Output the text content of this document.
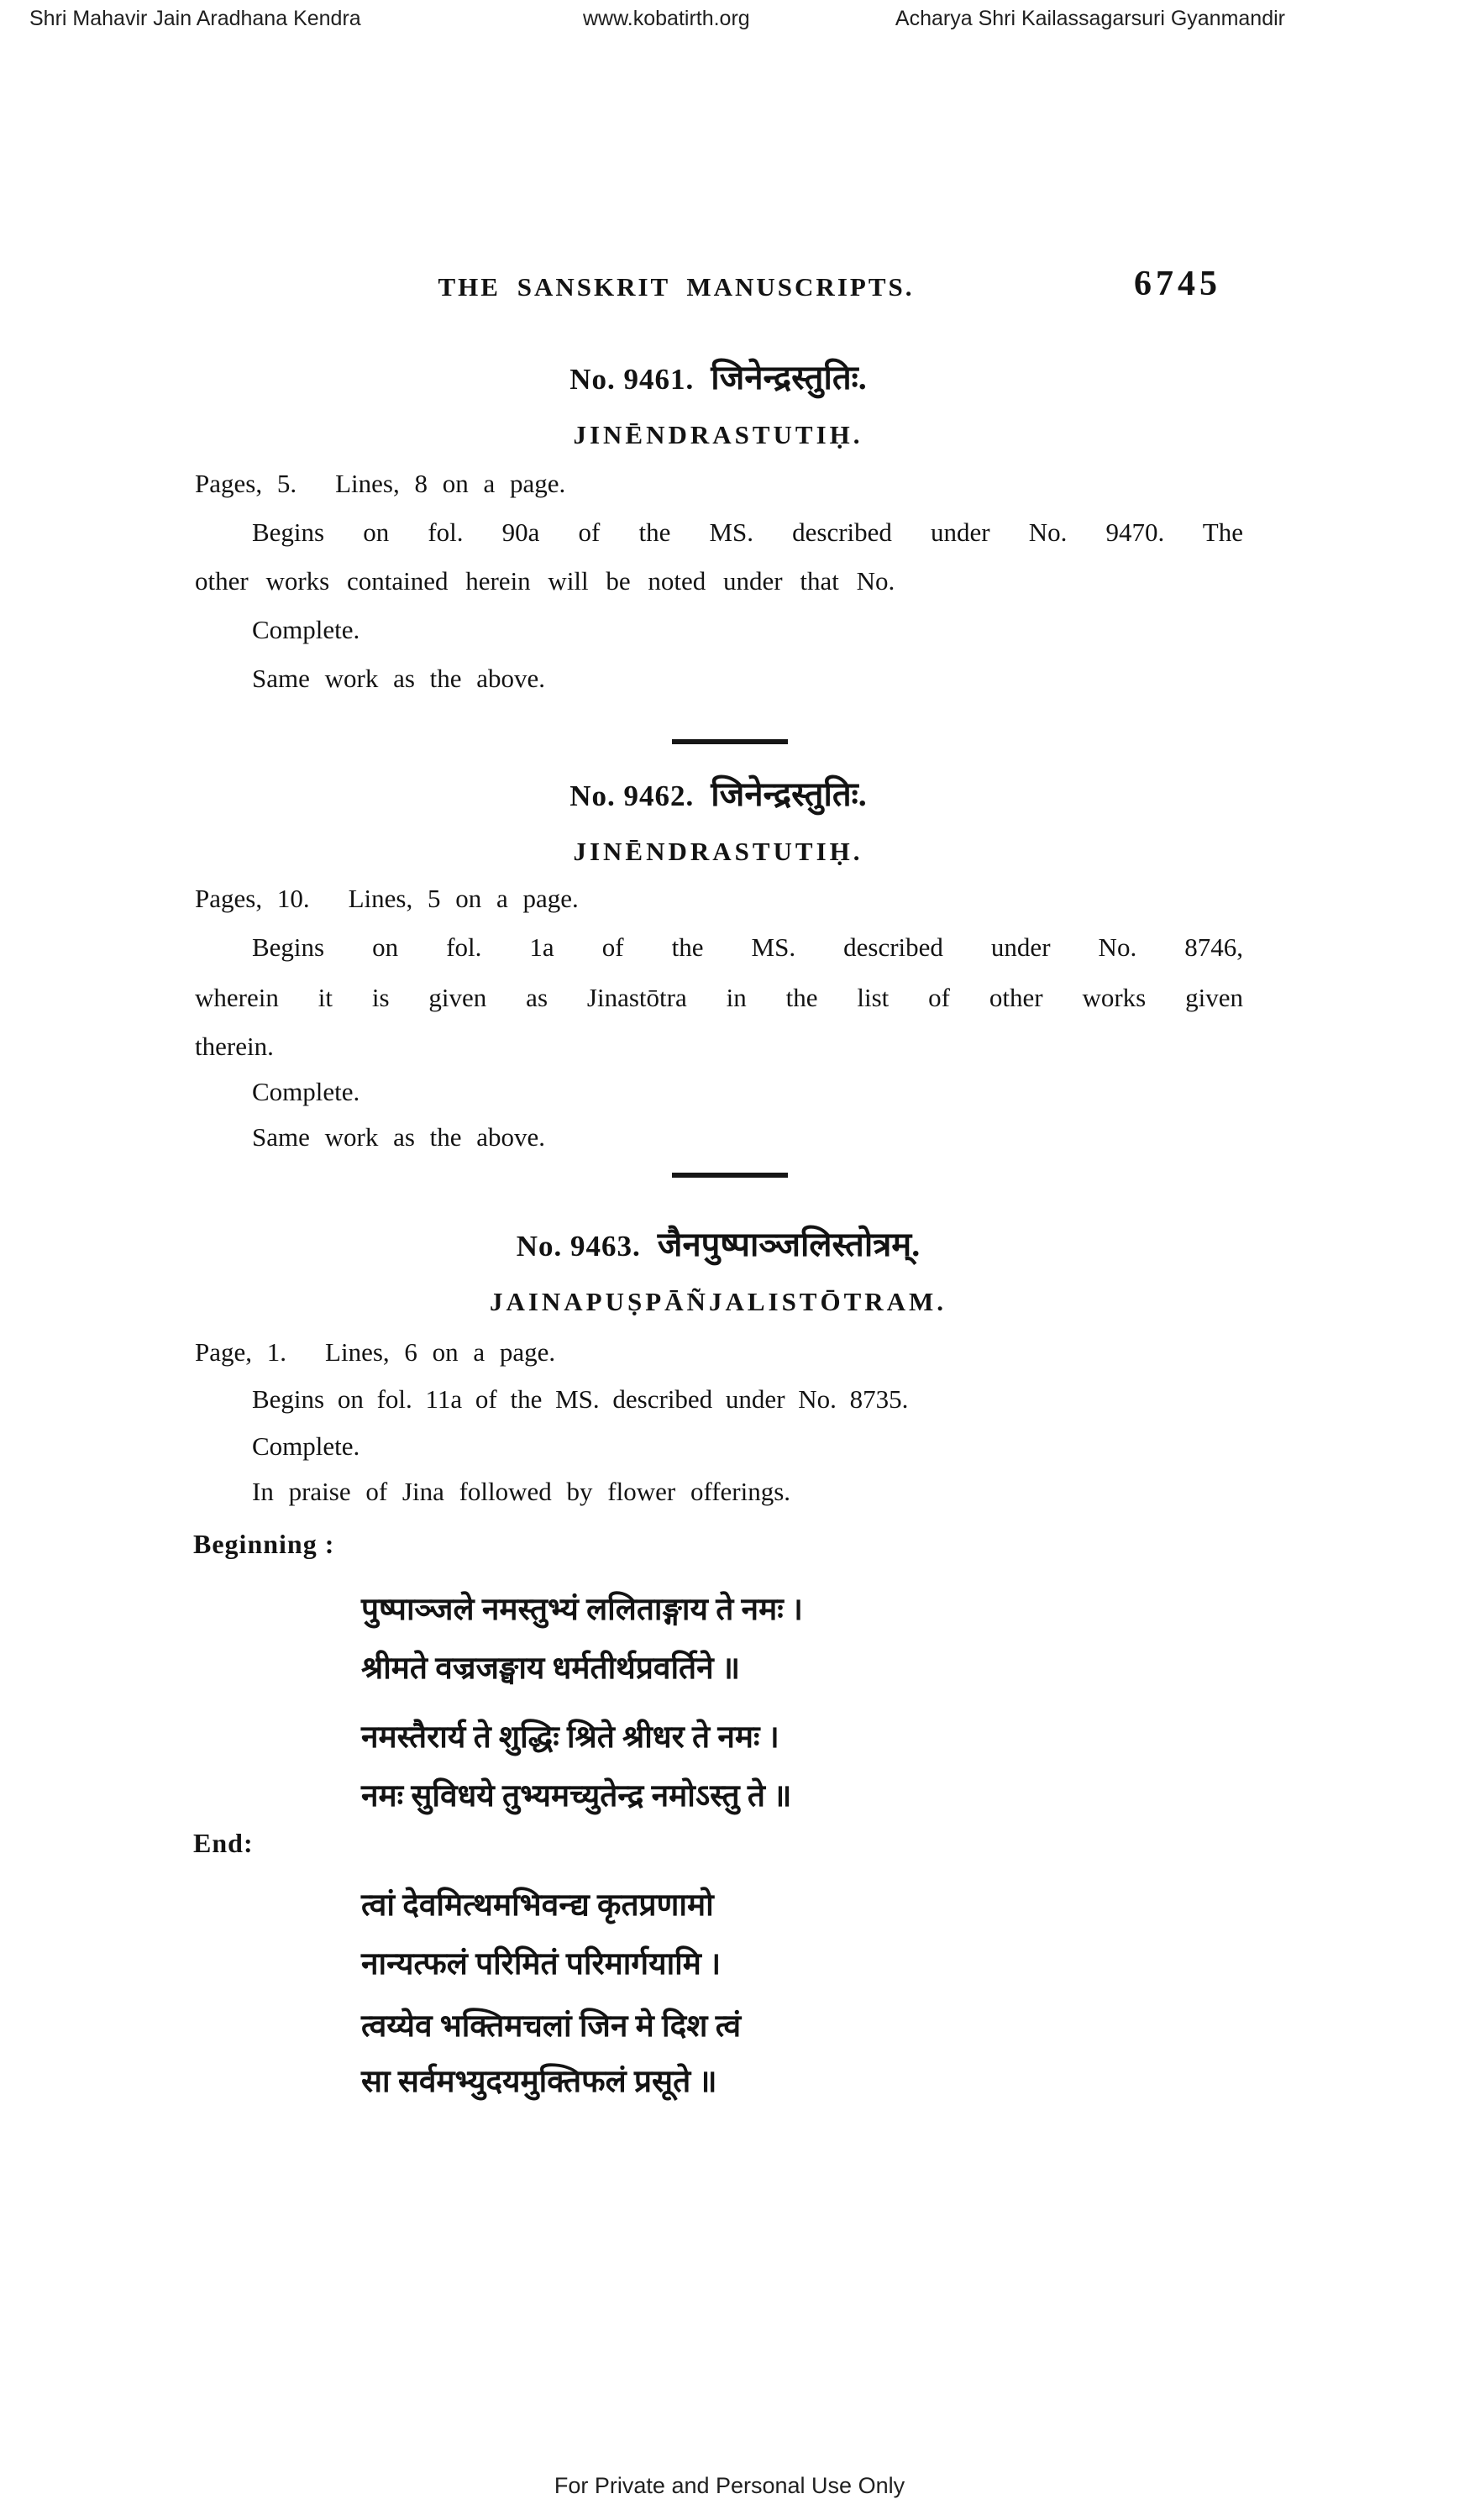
Shri Mahavir Jain Aradhana Kendra	www.kobatirth.org	Acharya Shri Kailassagarsuri Gyanmandir
THE SANSKRIT MANUSCRIPTS.	6745
No. 9461. जिनेन्द्रस्तुतिः.
JINĒNDRASTUTIḤ.
Pages, 5. Lines, 8 on a page.
Begins on fol. 90a of the MS. described under No. 9470. The
other works contained herein will be noted under that No.
Complete.
Same work as the above.
No. 9462. जिनेन्द्रस्तुतिः.
JINĒNDRASTUTIḤ.
Pages, 10. Lines, 5 on a page.
Begins on fol. 1a of the MS. described under No. 8746,
wherein it is given as Jinastōtra in the list of other works given
therein.
Complete.
Same work as the above.
No. 9463. जैनपुष्पाञ्जलिस्तोत्रम्.
JAINAPUṢPĀÑJALISTŌTRAM.
Page, 1. Lines, 6 on a page.
Begins on fol. 11a of the MS. described under No. 8735.
Complete.
In praise of Jina followed by flower offerings.
Beginning :
पुष्पाञ्जले नमस्तुभ्यं ललिताङ्गाय ते नमः ।
श्रीमते वज्रजङ्घाय धर्मतीर्थप्रवर्तिने ॥
नमस्तैरार्य ते शुद्धिः श्रिते श्रीधर ते नमः ।
नमः सुविधये तुभ्यमच्युतेन्द्र नमोऽस्तु ते ॥
End:
त्वां देवमित्थमभिवन्द्य कृतप्रणामो
नान्यत्फलं परिमितं परिमार्गयामि ।
त्वय्येव भक्तिमचलां जिन मे दिश त्वं
सा सर्वमभ्युदयमुक्तिफलं प्रसूते ॥
For Private and Personal Use Only
